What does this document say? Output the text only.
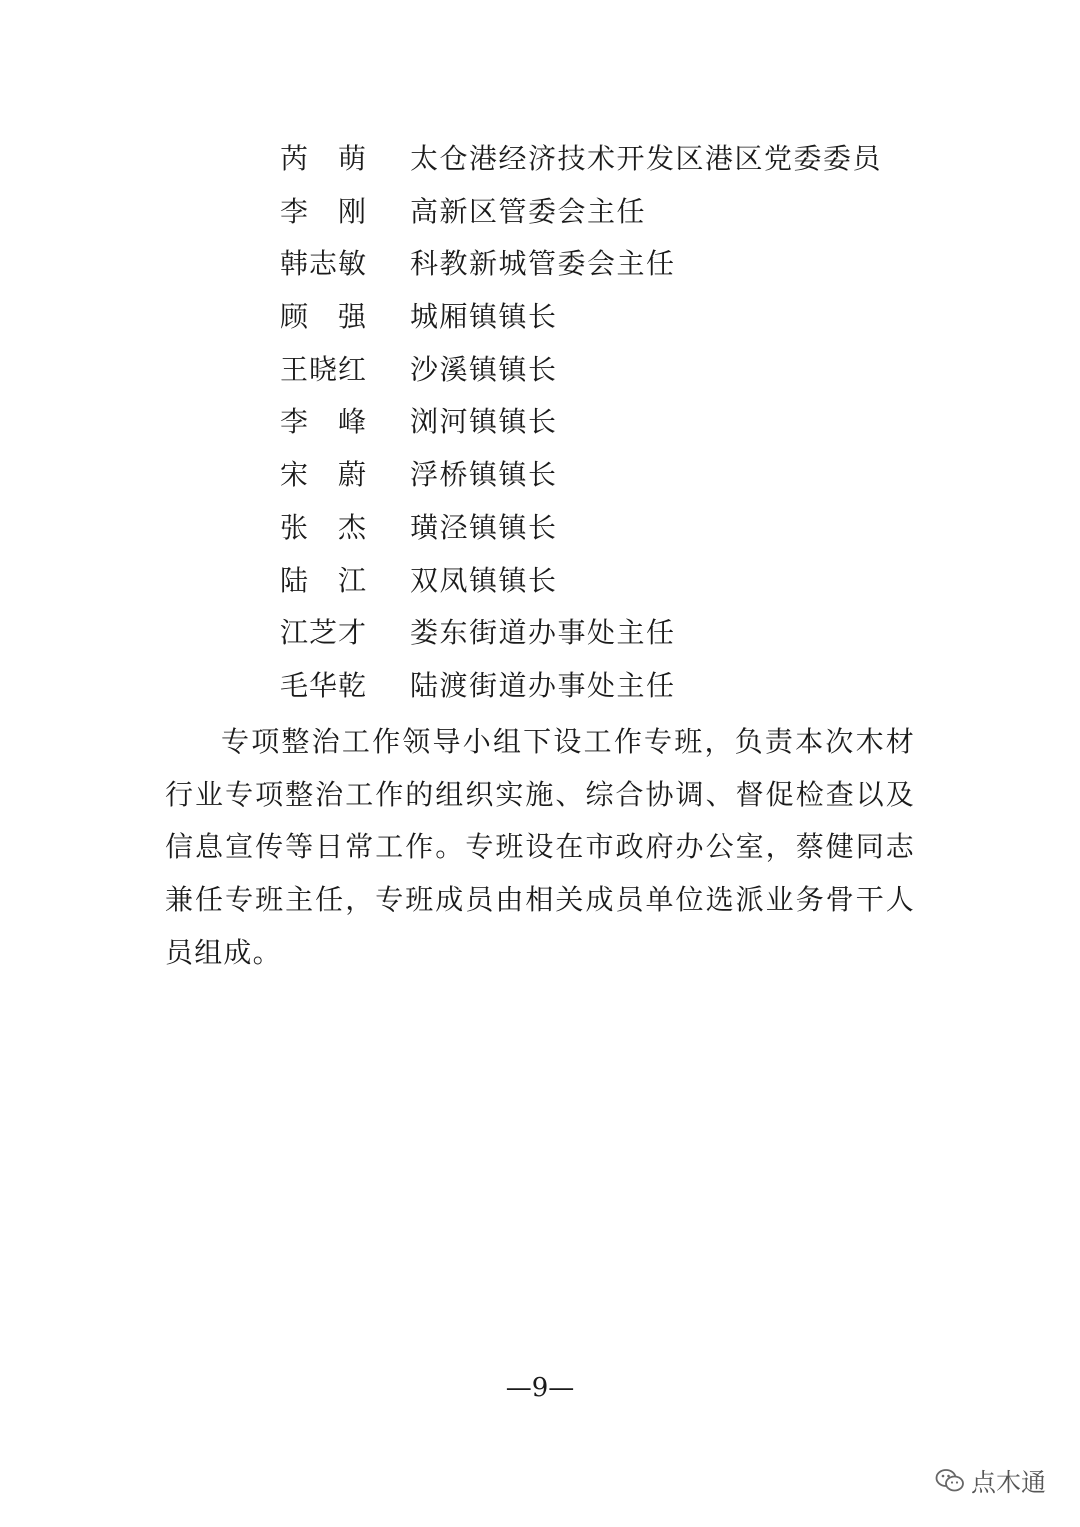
芮萌 太仓港经济技术开发区港区党委委员
李刚 高新区管委会主任
韩志敏 科教新城管委会主任
顾强 城厢镇镇长
王晓红 沙溪镇镇长
李峰 浏河镇镇长
宋蔚 浮桥镇镇长
张杰 璜泾镇镇长
陆江 双凤镇镇长
江芝才 娄东街道办事处主任
毛华乾 陆渡街道办事处主任

专项整治工作领导小组下设工作专班，负责本次木材行业专项整治工作的组织实施、综合协调、督促检查以及信息宣传等日常工作。专班设在市政府办公室，蔡健同志兼任专班主任，专班成员由相关成员单位选派业务骨干人员组成。

—9—
点木通
